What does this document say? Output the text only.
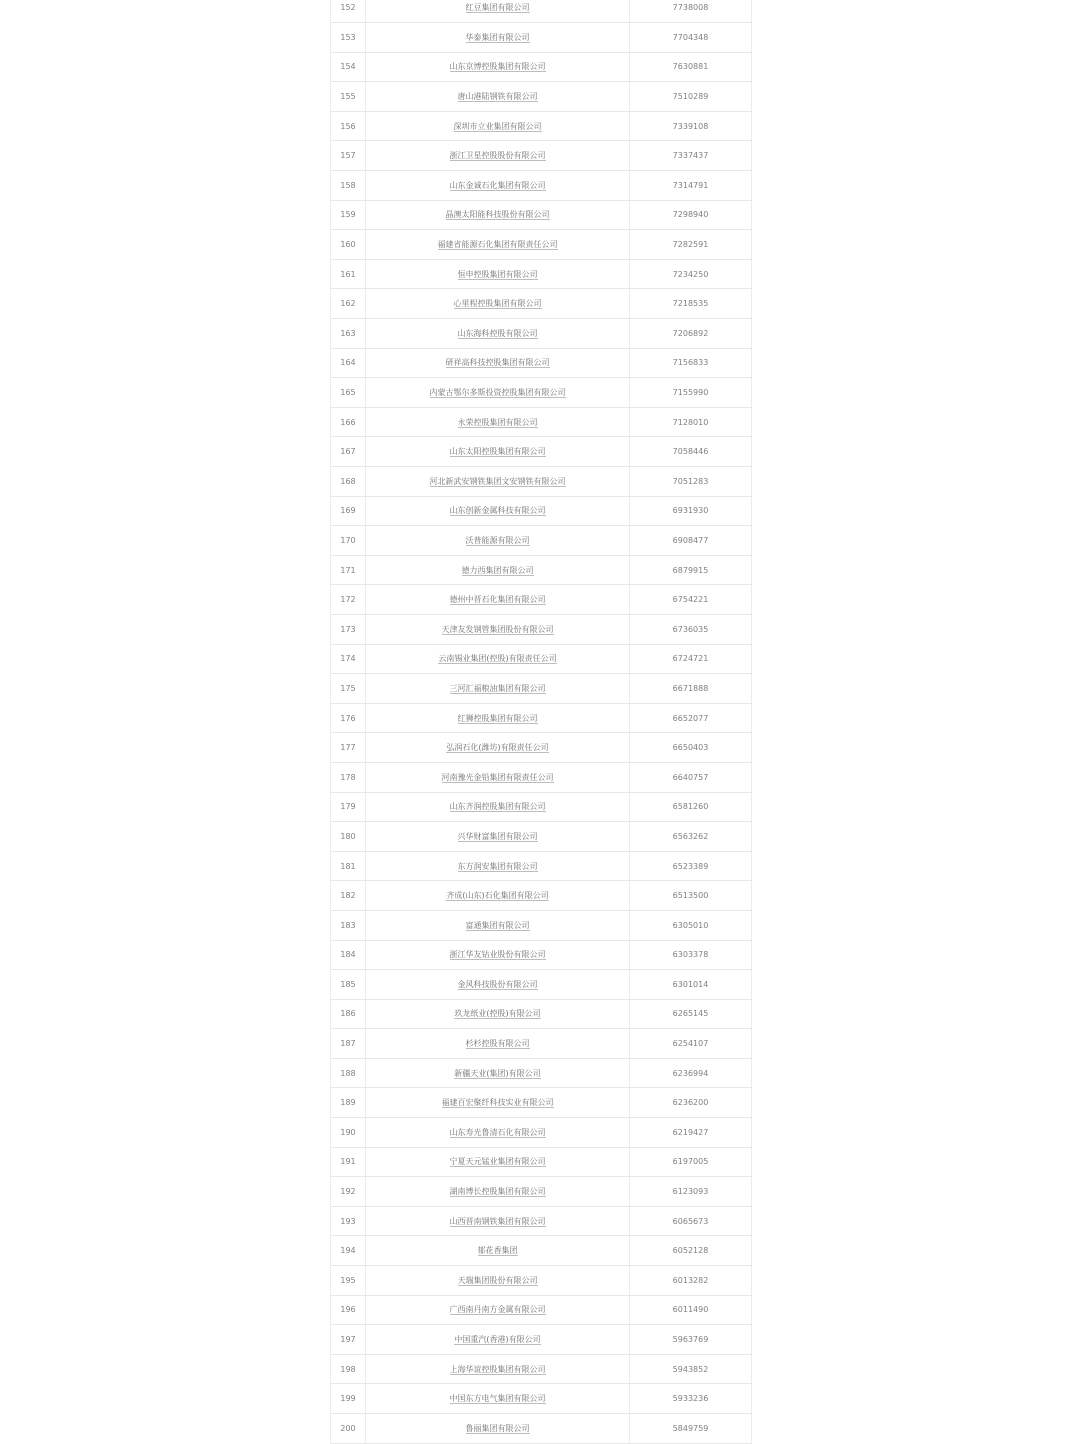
152	红豆集团有限公司	7738008
153	华泰集团有限公司	7704348
154	山东京博控股集团有限公司	7630881
155	唐山港陆钢铁有限公司	7510289
156	深圳市立业集团有限公司	7339108
157	浙江卫星控股股份有限公司	7337437
158	山东金诚石化集团有限公司	7314791
159	晶澳太阳能科技股份有限公司	7298940
160	福建省能源石化集团有限责任公司	7282591
161	恒申控股集团有限公司	7234250
162	心里程控股集团有限公司	7218535
163	山东海科控股有限公司	7206892
164	研祥高科技控股集团有限公司	7156833
165	内蒙古鄂尔多斯投资控股集团有限公司	7155990
166	永荣控股集团有限公司	7128010
167	山东太阳控股集团有限公司	7058446
168	河北新武安钢铁集团文安钢铁有限公司	7051283
169	山东创新金属科技有限公司	6931930
170	沃普能源有限公司	6908477
171	德力西集团有限公司	6879915
172	德州中晋石化集团有限公司	6754221
173	天津友发钢管集团股份有限公司	6736035
174	云南锡业集团(控股)有限责任公司	6724721
175	三河汇福粮油集团有限公司	6671888
176	红狮控股集团有限公司	6652077
177	弘润石化(潍坊)有限责任公司	6650403
178	河南豫光金铅集团有限责任公司	6640757
179	山东齐润控股集团有限公司	6581260
180	兴华财富集团有限公司	6563262
181	东方润安集团有限公司	6523389
182	齐成(山东)石化集团有限公司	6513500
183	富通集团有限公司	6305010
184	浙江华友钴业股份有限公司	6303378
185	金风科技股份有限公司	6301014
186	玖龙纸业(控股)有限公司	6265145
187	杉杉控股有限公司	6254107
188	新疆天业(集团)有限公司	6236994
189	福建百宏聚纤科技实业有限公司	6236200
190	山东寿光鲁清石化有限公司	6219427
191	宁夏天元锰业集团有限公司	6197005
192	湖南博长控股集团有限公司	6123093
193	山西晋南钢铁集团有限公司	6065673
194	郁花香集团	6052128
195	天瑞集团股份有限公司	6013282
196	广西南丹南方金属有限公司	6011490
197	中国重汽(香港)有限公司	5963769
198	上海华谊控股集团有限公司	5943852
199	中国东方电气集团有限公司	5933236
200	鲁丽集团有限公司	5849759
